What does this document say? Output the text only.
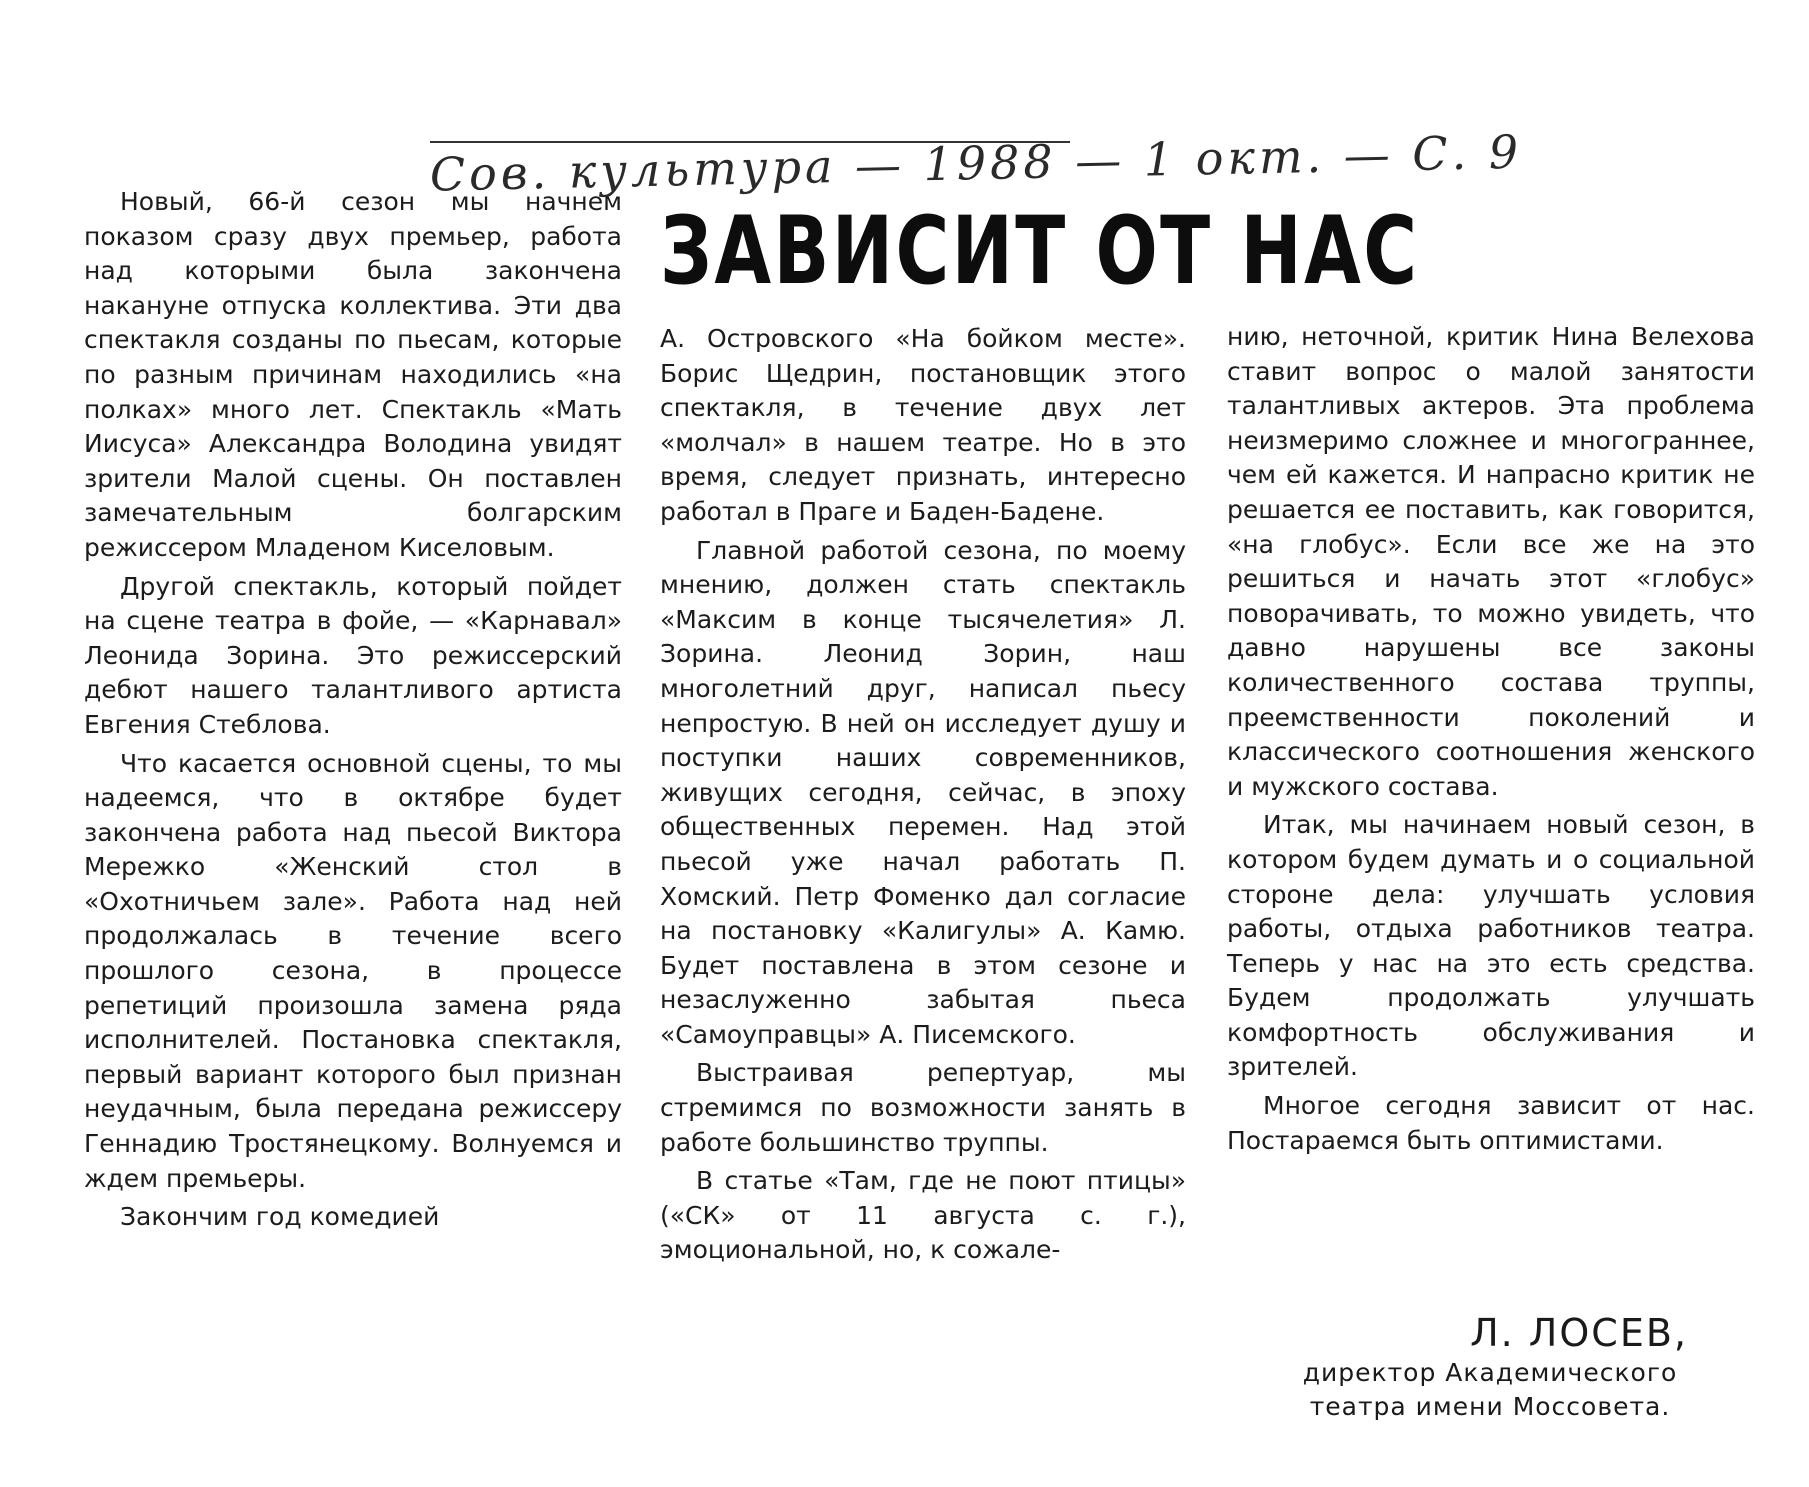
Сов. культура — 1988 — 1 окт. — С. 9
ЗАВИСИТ ОТ НАС

Новый, 66-й сезон мы начнем показом сразу двух премьер, работа над которыми была закончена накануне отпуска коллектива. Эти два спектакля созданы по пьесам, которые по разным причинам находились «на полках» много лет. Спектакль «Мать Иисуса» Александра Володина увидят зрители Малой сцены. Он поставлен замечательным болгарским режиссером Младеном Киселовым.

Другой спектакль, который пойдет на сцене театра в фойе, — «Карнавал» Леонида Зорина. Это режиссерский дебют нашего талантливого артиста Евгения Стеблова.

Что касается основной сцены, то мы надеемся, что в октябре будет закончена работа над пьесой Виктора Мережко «Женский стол в «Охотничьем зале». Работа над ней продолжалась в течение всего прошлого сезона, в процессе репетиций произошла замена ряда исполнителей. Постановка спектакля, первый вариант которого был признан неудачным, была передана режиссеру Геннадию Тростянецкому. Волнуемся и ждем премьеры.

Закончим год комедией

А. Островского «На бойком месте». Борис Щедрин, постановщик этого спектакля, в течение двух лет «молчал» в нашем театре. Но в это время, следует признать, интересно работал в Праге и Баден-Бадене.

Главной работой сезона, по моему мнению, должен стать спектакль «Максим в конце тысячелетия» Л. Зорина. Леонид Зорин, наш многолетний друг, написал пьесу непростую. В ней он исследует душу и поступки наших современников, живущих сегодня, сейчас, в эпоху общественных перемен. Над этой пьесой уже начал работать П. Хомский. Петр Фоменко дал согласие на постановку «Калигулы» А. Камю. Будет поставлена в этом сезоне и незаслуженно забытая пьеса «Самоуправцы» А. Писемского.

Выстраивая репертуар, мы стремимся по возможности занять в работе большинство труппы.

В статье «Там, где не поют птицы» («СК» от 11 августа с. г.), эмоциональной, но, к сожале-

нию, неточной, критик Нина Велехова ставит вопрос о малой занятости талантливых актеров. Эта проблема неизмеримо сложнее и многограннее, чем ей кажется. И напрасно критик не решается ее поставить, как говорится, «на глобус». Если все же на это решиться и начать этот «глобус» поворачивать, то можно увидеть, что давно нарушены все законы количественного состава труппы, преемственности поколений и классического соотношения женского и мужского состава.

Итак, мы начинаем новый сезон, в котором будем думать и о социальной стороне дела: улучшать условия работы, отдыха работников театра. Теперь у нас на это есть средства. Будем продолжать улучшать комфортность обслуживания и зрителей.

Многое сегодня зависит от нас. Постараемся быть оптимистами.

Л. ЛОСЕВ,
директор Академического
театра имени Моссовета.
